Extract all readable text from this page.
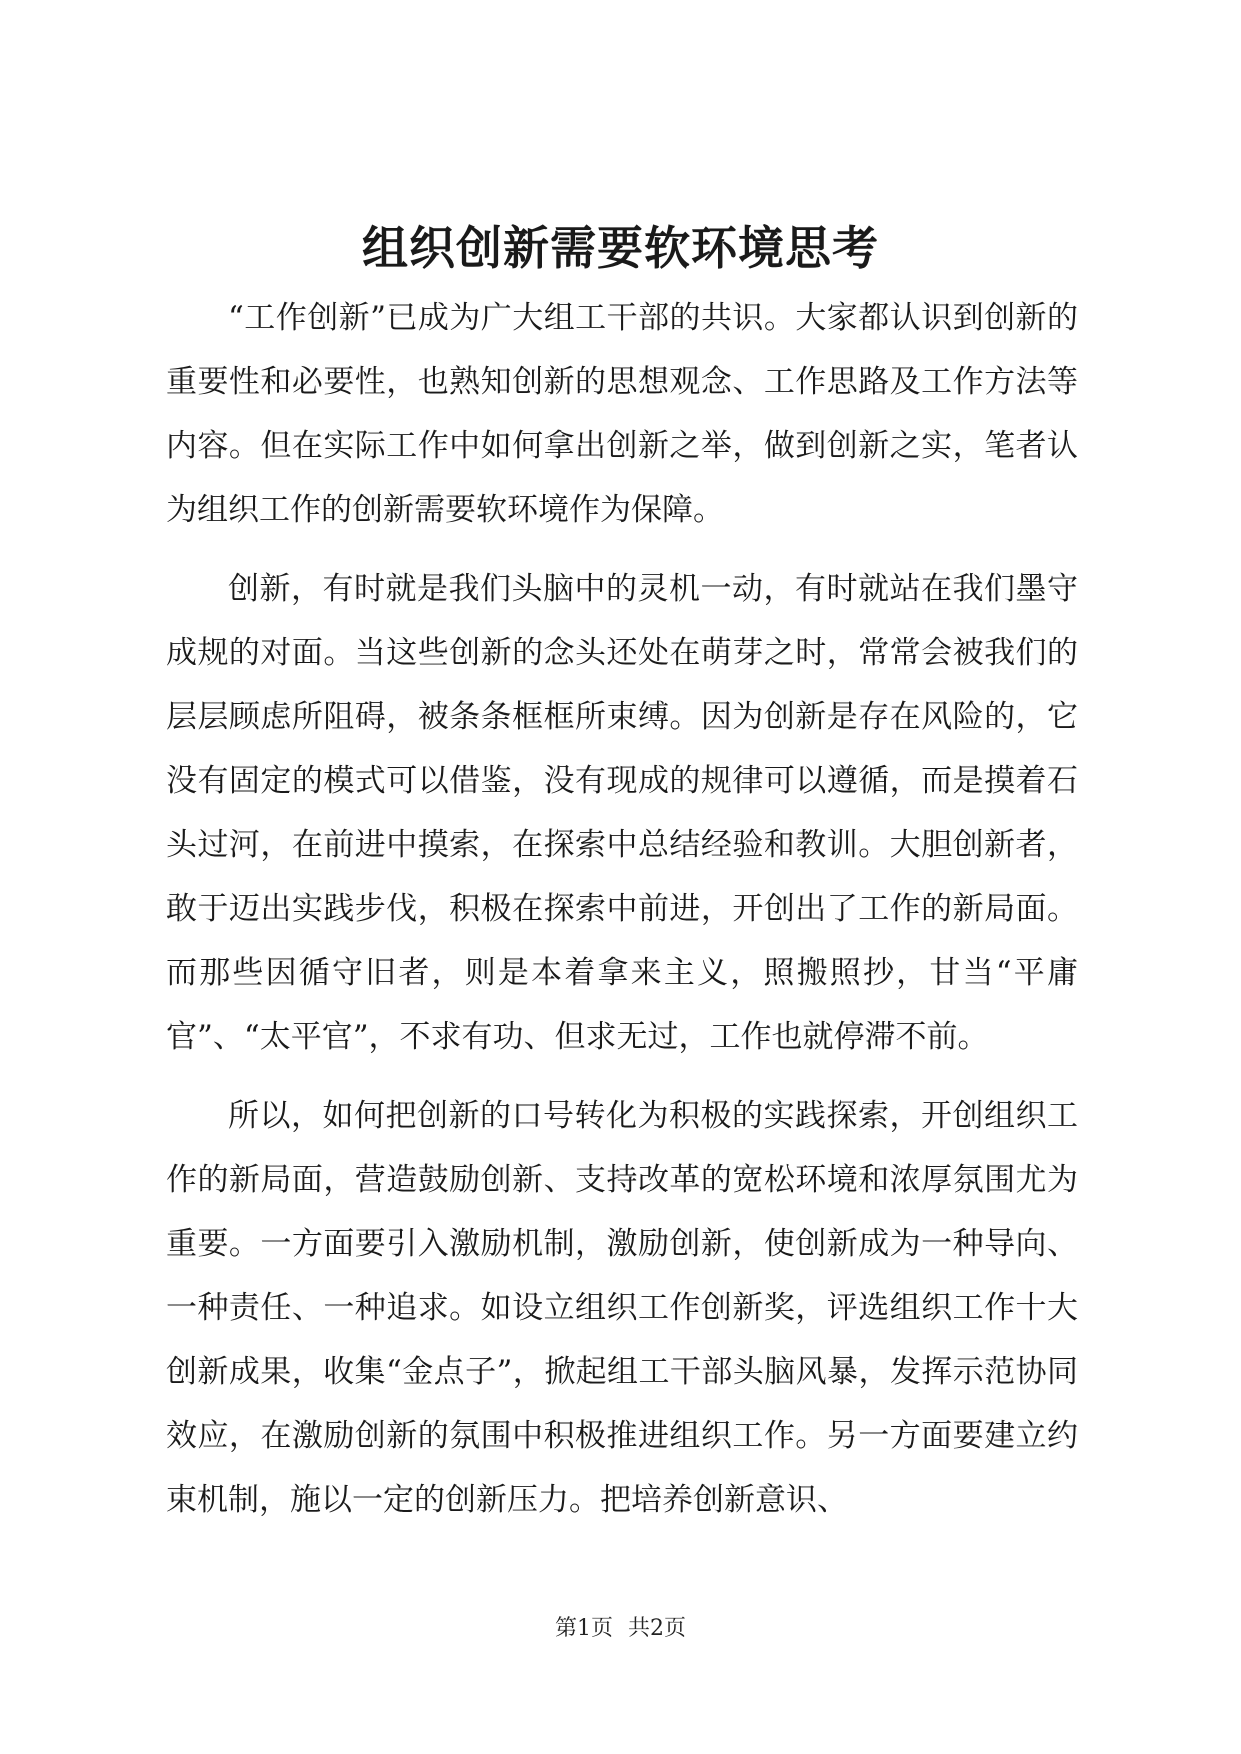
组织创新需要软环境思考

“工作创新”已成为广大组工干部的共识。大家都认识到创新的重要性和必要性，也熟知创新的思想观念、工作思路及工作方法等内容。但在实际工作中如何拿出创新之举，做到创新之实，笔者认为组织工作的创新需要软环境作为保障。

创新，有时就是我们头脑中的灵机一动，有时就站在我们墨守成规的对面。当这些创新的念头还处在萌芽之时，常常会被我们的层层顾虑所阻碍，被条条框框所束缚。因为创新是存在风险的，它没有固定的模式可以借鉴，没有现成的规律可以遵循，而是摸着石头过河，在前进中摸索，在探索中总结经验和教训。大胆创新者，敢于迈出实践步伐，积极在探索中前进，开创出了工作的新局面。而那些因循守旧者，则是本着拿来主义，照搬照抄，甘当“平庸官”、“太平官”，不求有功、但求无过，工作也就停滞不前。

所以，如何把创新的口号转化为积极的实践探索，开创组织工作的新局面，营造鼓励创新、支持改革的宽松环境和浓厚氛围尤为重要。一方面要引入激励机制，激励创新，使创新成为一种导向、一种责任、一种追求。如设立组织工作创新奖，评选组织工作十大创新成果，收集“金点子”，掀起组工干部头脑风暴，发挥示范协同效应，在激励创新的氛围中积极推进组织工作。另一方面要建立约束机制，施以一定的创新压力。把培养创新意识、

第1页 共2页
